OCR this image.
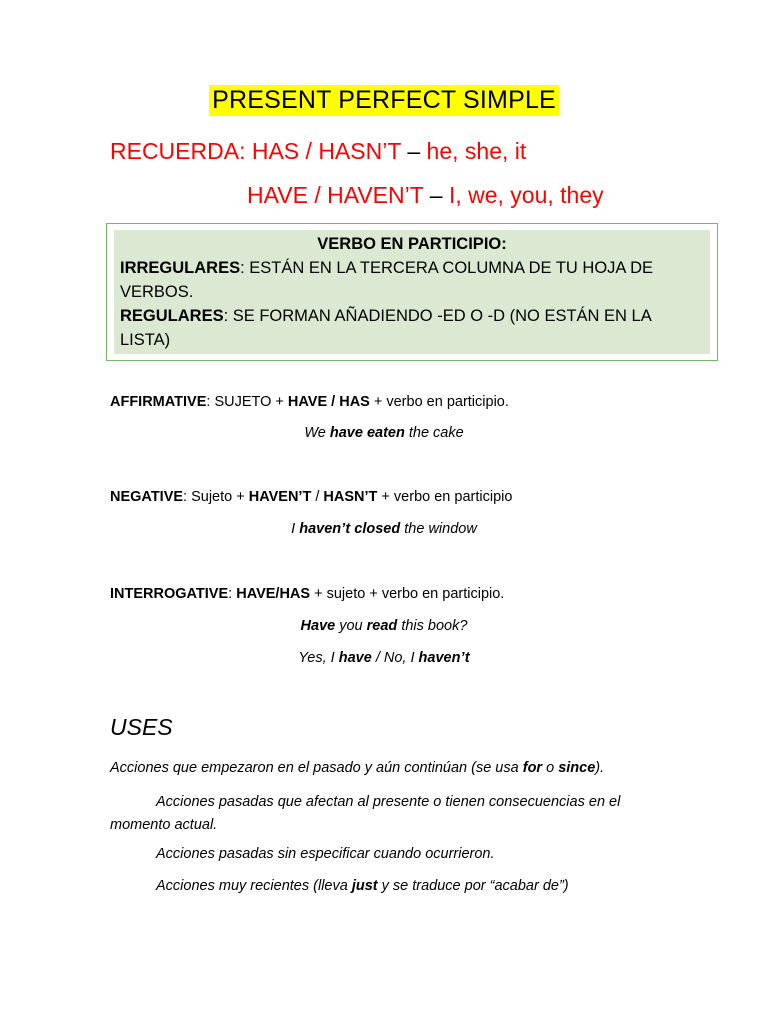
PRESENT PERFECT SIMPLE
RECUERDA: HAS / HASN’T – he, she, it
HAVE / HAVEN’T – I, we, you, they
VERBO EN PARTICIPIO:

IRREGULARES: ESTÁN EN LA TERCERA COLUMNA DE TU HOJA DE VERBOS.

REGULARES: SE FORMAN AÑADIENDO -ED O -D (NO ESTÁN EN LA LISTA)

AFFIRMATIVE: SUJETO + HAVE / HAS + verbo en participio.
We have eaten the cake
NEGATIVE: Sujeto + HAVEN’T / HASN’T + verbo en participio
I haven’t closed the window
INTERROGATIVE: HAVE/HAS + sujeto + verbo en participio.
Have you read this book?
Yes, I have / No, I haven’t
USES
Acciones que empezaron en el pasado y aún continúan (se usa for o since).
Acciones pasadas que afectan al presente o tienen consecuencias en el momento actual.
Acciones pasadas sin especificar cuando ocurrieron.
Acciones muy recientes (lleva just y se traduce por “acabar de”)
